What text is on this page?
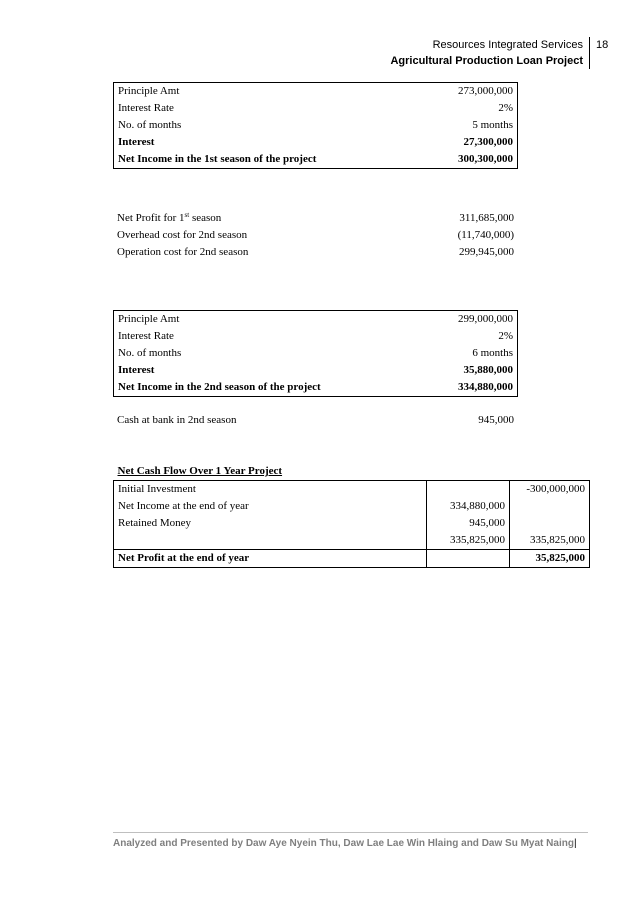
Resources Integrated Services
Agricultural Production Loan Project
18
Principle Amt	273,000,000
Interest Rate	2%
No. of months	5 months
Interest	27,300,000
Net Income in the 1st season of the project	300,300,000
Net Profit for 1st season	311,685,000
Overhead cost for 2nd season	(11,740,000)
Operation cost for 2nd season	299,945,000
Principle Amt	299,000,000
Interest Rate	2%
No. of months	6 months
Interest	35,880,000
Net Income in the 2nd season of the project	334,880,000
Cash at bank in 2nd season	945,000
Net Cash Flow Over 1 Year Project		
Initial Investment		-300,000,000
Net Income at the end of year	334,880,000	
Retained Money	945,000	
	335,825,000	335,825,000
Net Profit at the end of year		35,825,000
Analyzed and Presented by Daw Aye Nyein Thu, Daw Lae Lae Win Hlaing and Daw Su Myat Naing|
